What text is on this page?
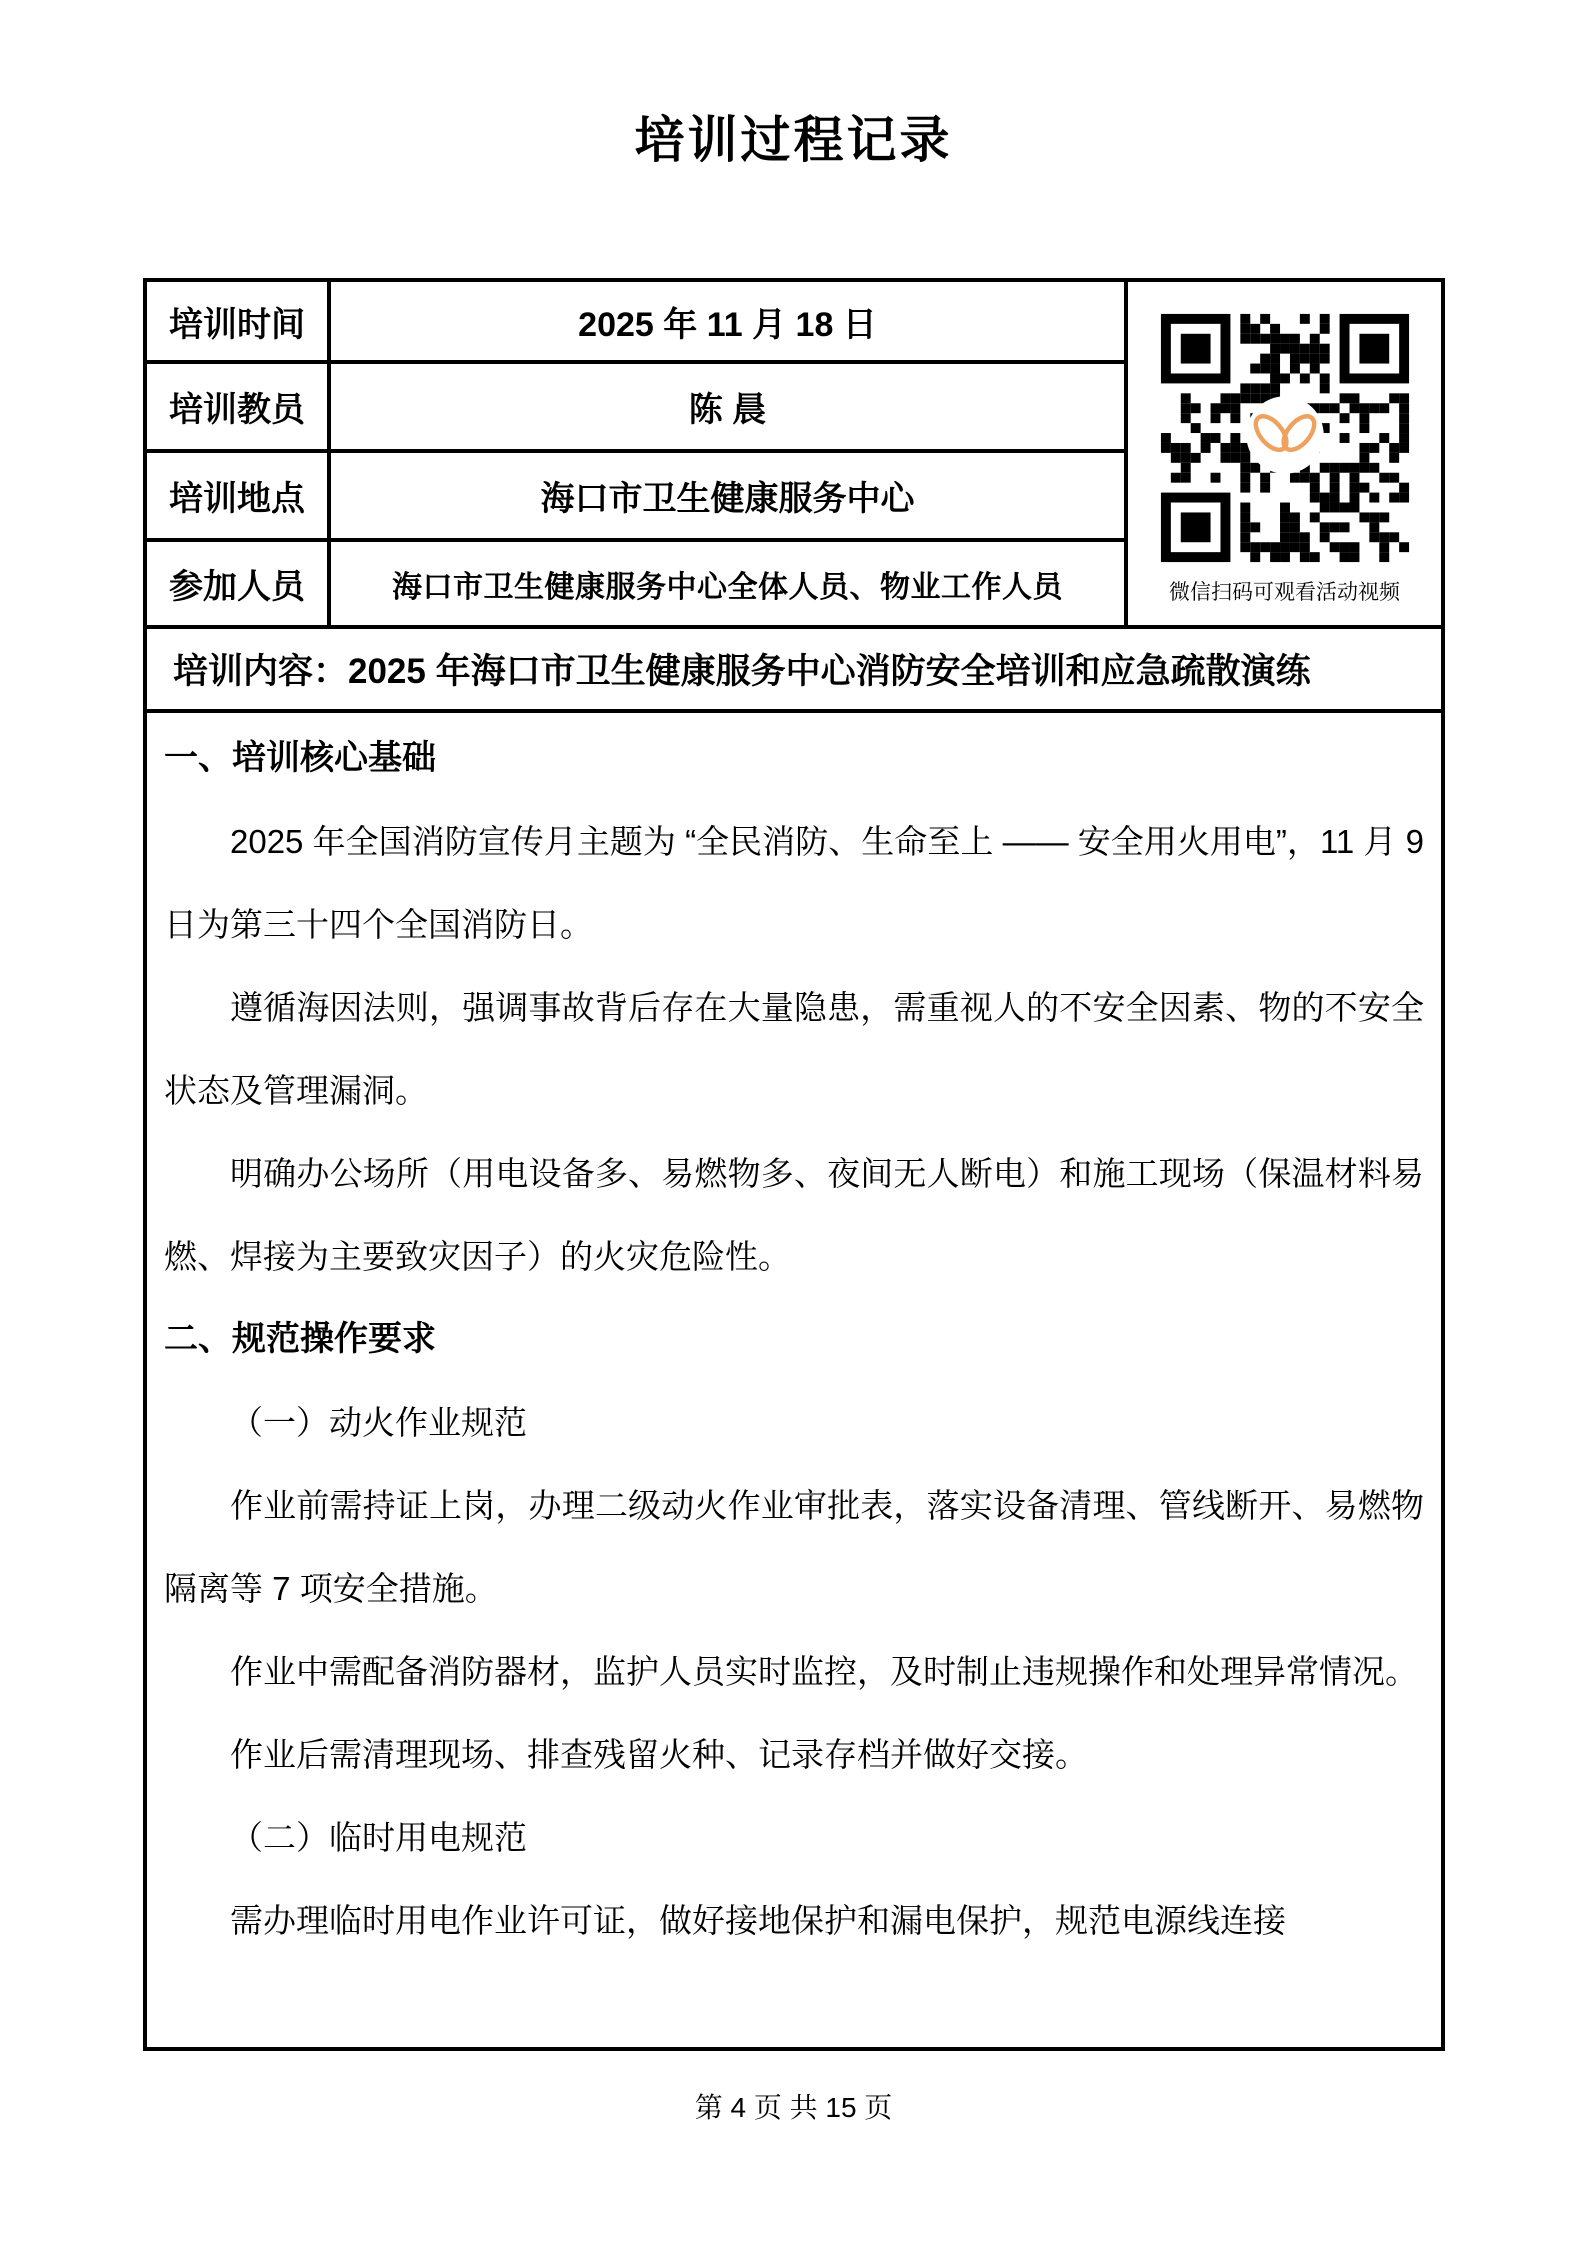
培训过程记录
培训时间	2025 年 11 月 18 日
培训教员	陈 晨
培训地点	海口市卫生健康服务中心
参加人员	海口市卫生健康服务中心全体人员、物业工作人员	微信扫码可观看活动视频
培训内容：2025 年海口市卫生健康服务中心消防安全培训和应急疏散演练

一、培训核心基础

2025 年全国消防宣传月主题为 “全民消防、生命至上 —— 安全用火用电”，11 月 9 日为第三十四个全国消防日。

遵循海因法则，强调事故背后存在大量隐患，需重视人的不安全因素、物的不安全状态及管理漏洞。

明确办公场所（用电设备多、易燃物多、夜间无人断电）和施工现场（保温材料易燃、焊接为主要致灾因子）的火灾危险性。

二、规范操作要求

（一）动火作业规范

作业前需持证上岗，办理二级动火作业审批表，落实设备清理、管线断开、易燃物隔离等 7 项安全措施。

作业中需配备消防器材，监护人员实时监控，及时制止违规操作和处理异常情况。

作业后需清理现场、排查残留火种、记录存档并做好交接。

（二）临时用电规范

需办理临时用电作业许可证，做好接地保护和漏电保护，规范电源线连接

第 4 页 共 15 页
